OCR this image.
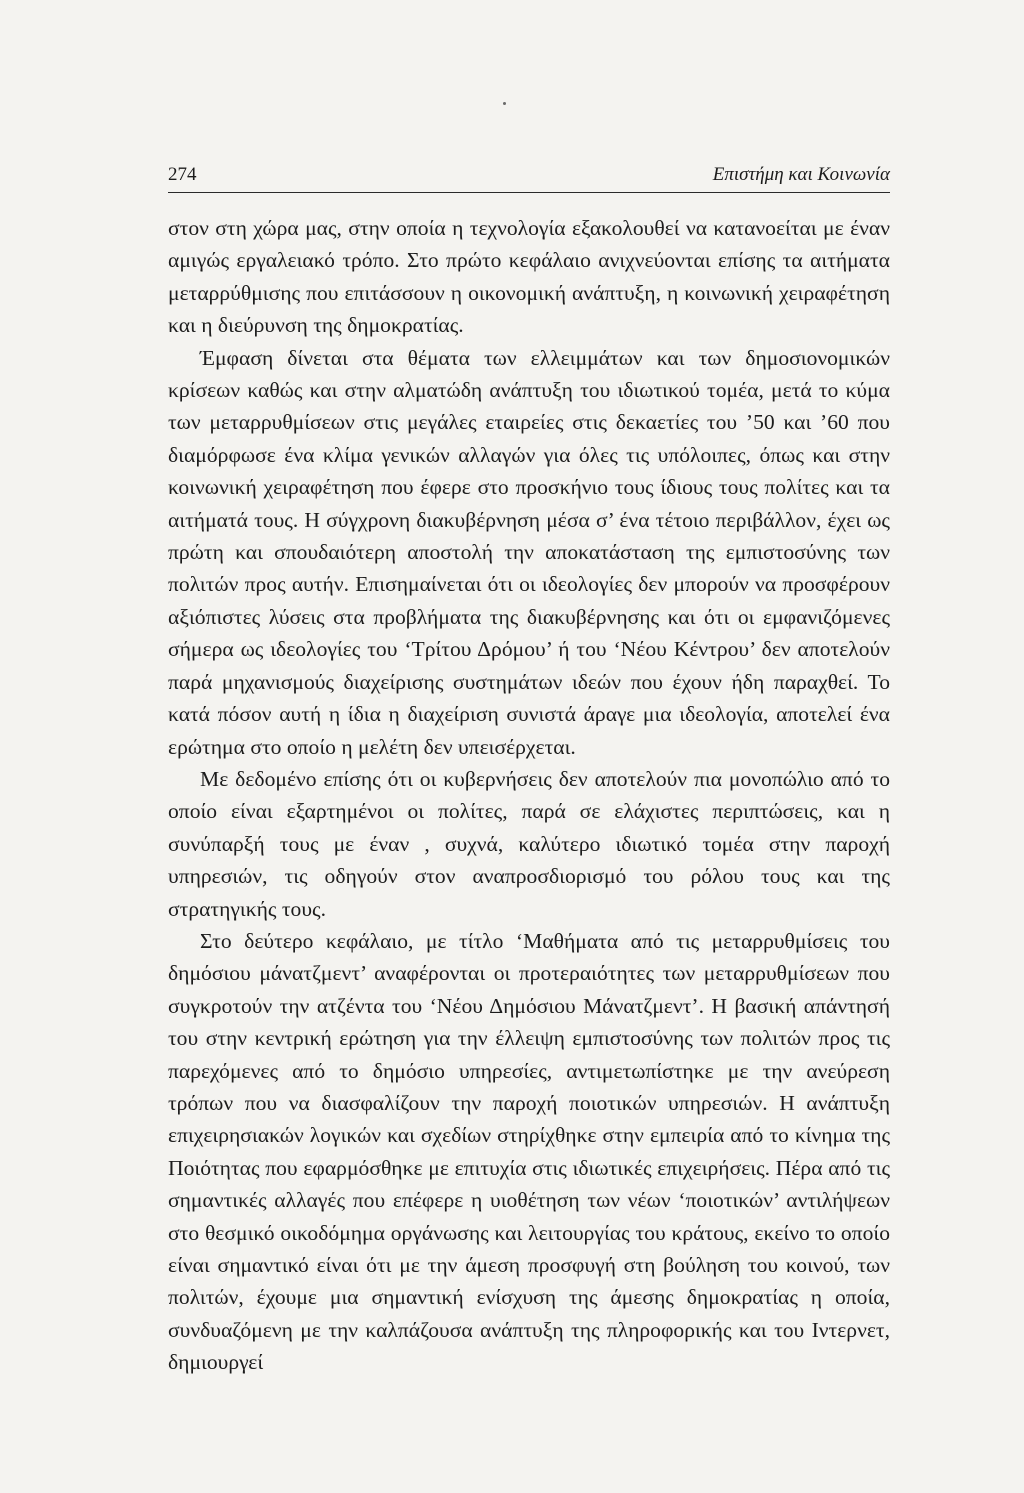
274	Επιστήμη και Κοινωνία

στον στη χώρα μας, στην οποία η τεχνολογία εξακολουθεί να κατανοείται με έναν αμιγώς εργαλειακό τρόπο. Στο πρώτο κεφάλαιο ανιχνεύονται επίσης τα αιτήματα μεταρρύθμισης που επιτάσσουν η οικονομική ανάπτυξη, η κοινωνική χειραφέτηση και η διεύρυνση της δημοκρατίας.

Έμφαση δίνεται στα θέματα των ελλειμμάτων και των δημοσιονομικών κρίσεων καθώς και στην αλματώδη ανάπτυξη του ιδιωτικού τομέα, μετά το κύμα των μεταρρυθμίσεων στις μεγάλες εταιρείες στις δεκαετίες του ’50 και ’60 που διαμόρφωσε ένα κλίμα γενικών αλλαγών για όλες τις υπόλοιπες, όπως και στην κοινωνική χειραφέτηση που έφερε στο προσκήνιο τους ίδιους τους πολίτες και τα αιτήματά τους. Η σύγχρονη διακυβέρνηση μέσα σ’ ένα τέτοιο περιβάλλον, έχει ως πρώτη και σπουδαιότερη αποστολή την αποκατάσταση της εμπιστοσύνης των πολιτών προς αυτήν. Επισημαίνεται ότι οι ιδεολογίες δεν μπορούν να προσφέρουν αξιόπιστες λύσεις στα προβλήματα της διακυβέρνησης και ότι οι εμφανιζόμενες σήμερα ως ιδεολογίες του ‘Τρίτου Δρόμου’ ή του ‘Νέου Κέντρου’ δεν αποτελούν παρά μηχανισμούς διαχείρισης συστημάτων ιδεών που έχουν ήδη παραχθεί. Το κατά πόσον αυτή η ίδια η διαχείριση συνιστά άραγε μια ιδεολογία, αποτελεί ένα ερώτημα στο οποίο η μελέτη δεν υπεισέρχεται.

Με δεδομένο επίσης ότι οι κυβερνήσεις δεν αποτελούν πια μονοπώλιο από το οποίο είναι εξαρτημένοι οι πολίτες, παρά σε ελάχιστες περιπτώσεις, και η συνύπαρξή τους με έναν , συχνά, καλύτερο ιδιωτικό τομέα στην παροχή υπηρεσιών, τις οδηγούν στον αναπροσδιορισμό του ρόλου τους και της στρατηγικής τους.

Στο δεύτερο κεφάλαιο, με τίτλο ‘Μαθήματα από τις μεταρρυθμίσεις του δημόσιου μάνατζμεντ’ αναφέρονται οι προτεραιότητες των μεταρρυθμίσεων που συγκροτούν την ατζέντα του ‘Νέου Δημόσιου Μάνατζμεντ’. Η βασική απάντησή του στην κεντρική ερώτηση για την έλλειψη εμπιστοσύνης των πολιτών προς τις παρεχόμενες από το δημόσιο υπηρεσίες, αντιμετωπίστηκε με την ανεύρεση τρόπων που να διασφαλίζουν την παροχή ποιοτικών υπηρεσιών. Η ανάπτυξη επιχειρησιακών λογικών και σχεδίων στηρίχθηκε στην εμπειρία από το κίνημα της Ποιότητας που εφαρμόσθηκε με επιτυχία στις ιδιωτικές επιχειρήσεις. Πέρα από τις σημαντικές αλλαγές που επέφερε η υιοθέτηση των νέων ‘ποιοτικών’ αντιλήψεων στο θεσμικό οικοδόμημα οργάνωσης και λειτουργίας του κράτους, εκείνο το οποίο είναι σημαντικό είναι ότι με την άμεση προσφυγή στη βούληση του κοινού, των πολιτών, έχουμε μια σημαντική ενίσχυση της άμεσης δημοκρατίας η οποία, συνδυαζόμενη με την καλπάζουσα ανάπτυξη της πληροφορικής και του Ιντερνετ, δημιουργεί
